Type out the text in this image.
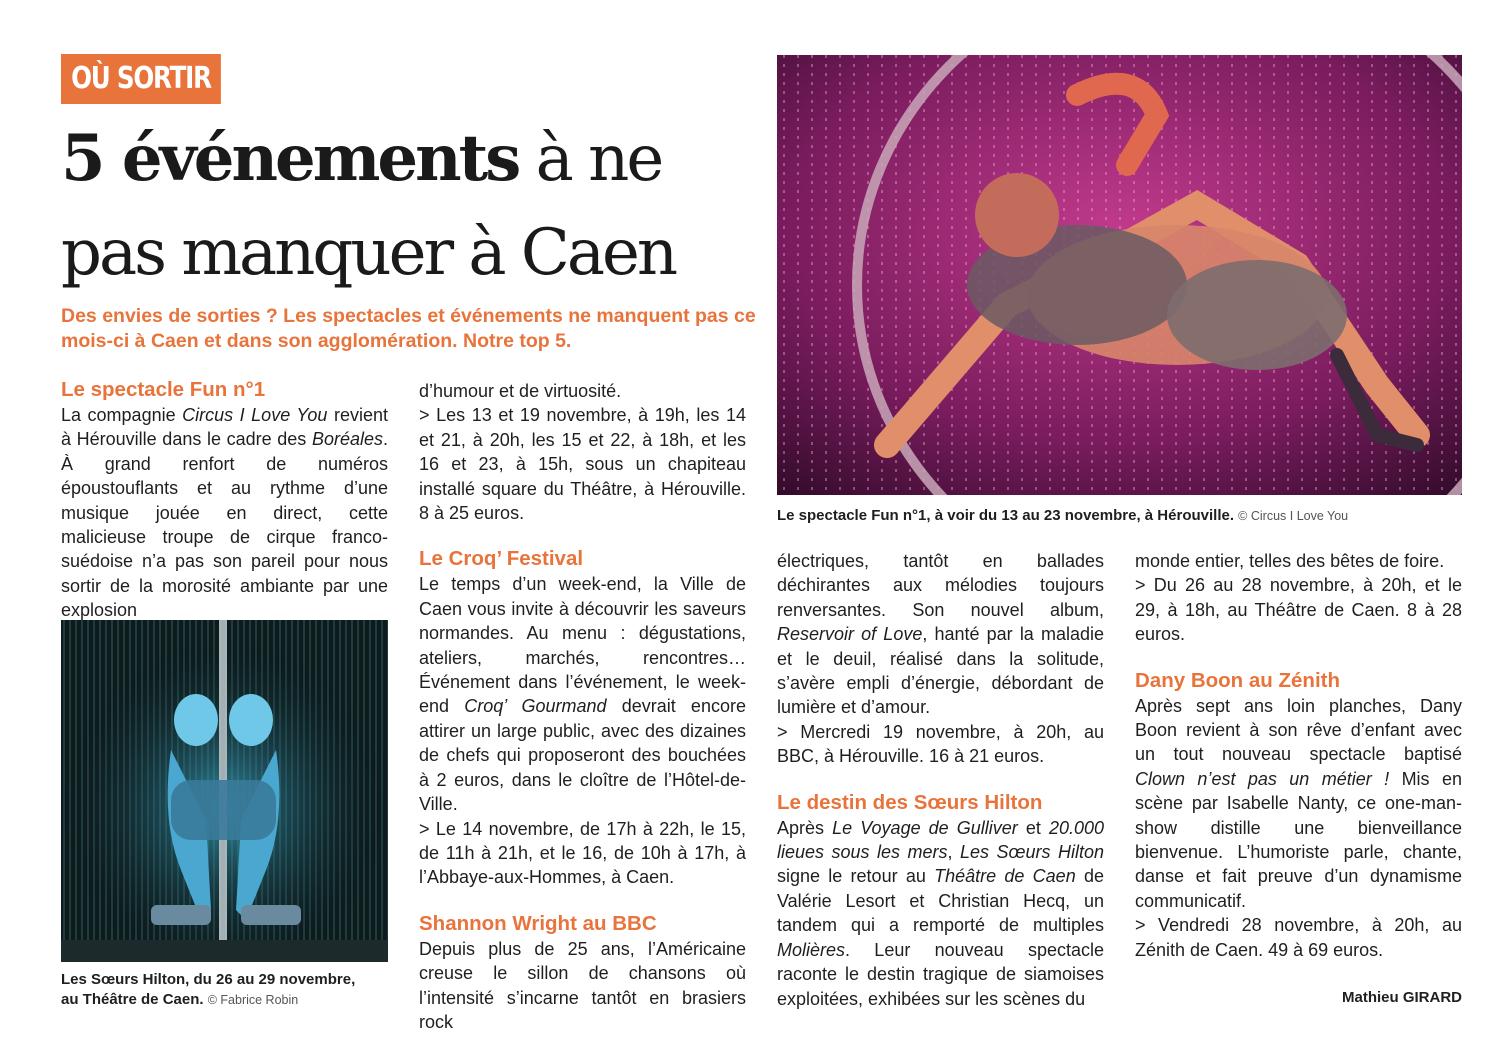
OÙ SORTIR
5 événements à ne
pas manquer à Caen
Des envies de sorties ? Les spectacles et événements ne manquent pas ce mois-ci à Caen et dans son agglomération. Notre top 5.
Le spectacle Fun n°1, à voir du 13 au 23 novembre, à Hérouville. © Circus I Love You
Les Sœurs Hilton, du 26 au 29 novembre,
au Théâtre de Caen. © Fabrice Robin

Le spectacle Fun n°1

La compagnie Circus I Love You revient à Hérouville dans le cadre des Boréales. À grand renfort de numéros époustouflants et au rythme d’une musique jouée en direct, cette malicieuse troupe de cirque franco-suédoise n’a pas son pareil pour nous sortir de la morosité ambiante par une explosion

d’humour et de virtuosité.

> Les 13 et 19 novembre, à 19h, les 14 et 21, à 20h, les 15 et 22, à 18h, et les 16 et 23, à 15h, sous un chapiteau installé square du Théâtre, à Hérouville. 8 à 25 euros.

Le Croq’ Festival

Le temps d’un week-end, la Ville de Caen vous invite à découvrir les saveurs normandes. Au menu : dégustations, ateliers, marchés, rencontres… Événement dans l’événement, le week-end Croq’ Gourmand devrait encore attirer un large public, avec des dizaines de chefs qui proposeront des bouchées à 2 euros, dans le cloître de l’Hôtel-de-Ville.

> Le 14 novembre, de 17h à 22h, le 15, de 11h à 21h, et le 16, de 10h à 17h, à l’Abbaye-aux-Hommes, à Caen.

Shannon Wright au BBC

Depuis plus de 25 ans, l’Américaine creuse le sillon de chansons où l’intensité s’incarne tantôt en brasiers rock

électriques, tantôt en ballades déchirantes aux mélodies toujours renversantes. Son nouvel album, Reservoir of Love, hanté par la maladie et le deuil, réalisé dans la solitude, s’avère empli d’énergie, débordant de lumière et d’amour.

> Mercredi 19 novembre, à 20h, au BBC, à Hérouville. 16 à 21 euros.

Le destin des Sœurs Hilton

Après Le Voyage de Gulliver et 20.000 lieues sous les mers, Les Sœurs Hilton signe le retour au Théâtre de Caen de Valérie Lesort et Christian Hecq, un tandem qui a remporté de multiples Molières. Leur nouveau spectacle raconte le destin tragique de siamoises exploitées, exhibées sur les scènes du

monde entier, telles des bêtes de foire.

> Du 26 au 28 novembre, à 20h, et le 29, à 18h, au Théâtre de Caen. 8 à 28 euros.

Dany Boon au Zénith

Après sept ans loin planches, Dany Boon revient à son rêve d’enfant avec un tout nouveau spectacle baptisé Clown n’est pas un métier ! Mis en scène par Isabelle Nanty, ce one-man-show distille une bienveillance bienvenue. L’humoriste parle, chante, danse et fait preuve d’un dynamisme communicatif.

> Vendredi 28 novembre, à 20h, au Zénith de Caen. 49 à 69 euros.

Mathieu GIRARD
